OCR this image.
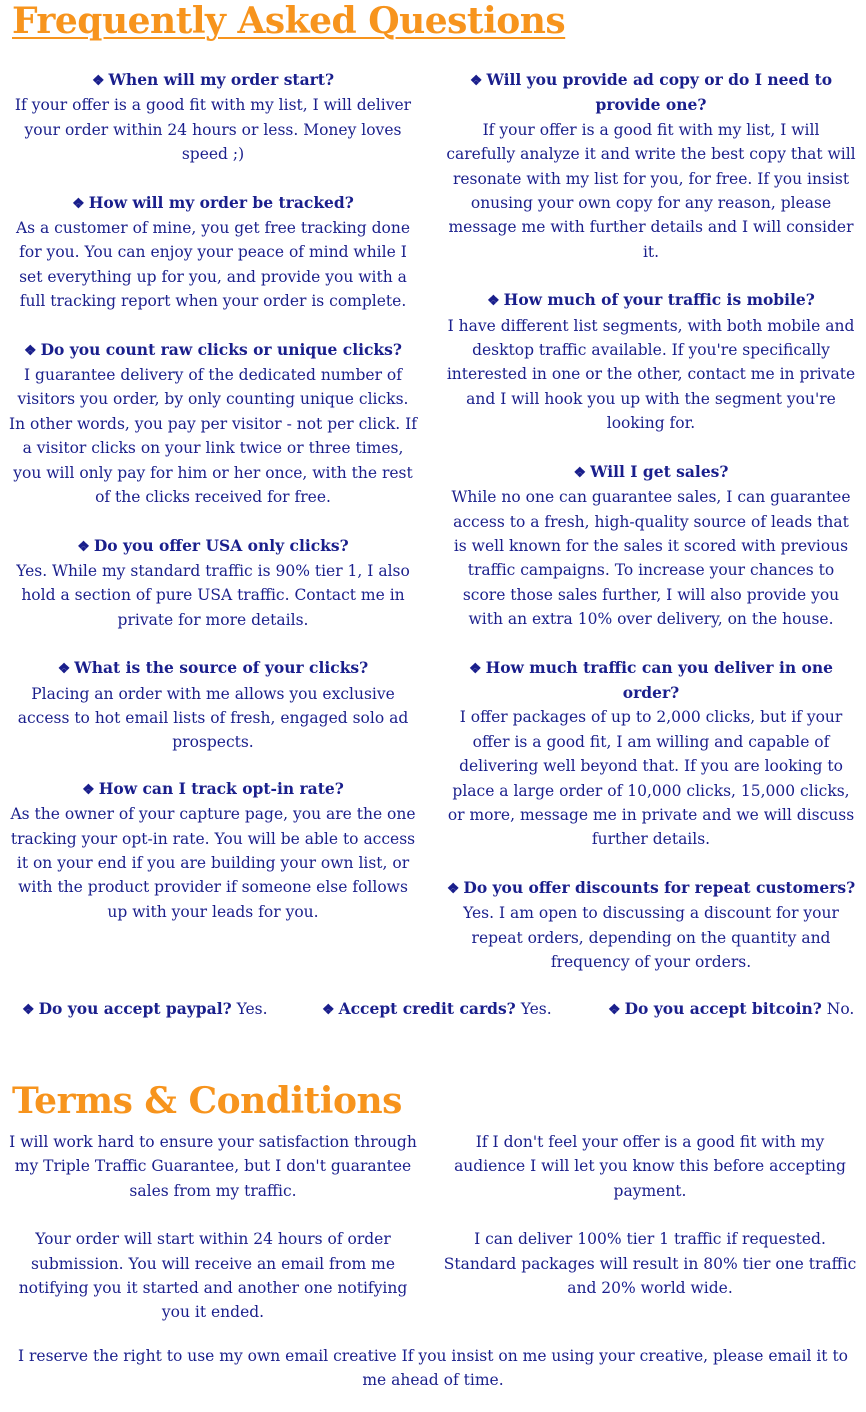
Frequently Asked Questions
❖ When will my order start?
If your offer is a good fit with my list, I will deliver your order within 24 hours or less. Money loves speed ;)
❖ How will my order be tracked?
As a customer of mine, you get free tracking done for you. You can enjoy your peace of mind while I set everything up for you, and provide you with a full tracking report when your order is complete.
❖ Do you count raw clicks or unique clicks?
I guarantee delivery of the dedicated number of visitors you order, by only counting unique clicks. In other words, you pay per visitor - not per click. If a visitor clicks on your link twice or three times, you will only pay for him or her once, with the rest of the clicks received for free.
❖ Do you offer USA only clicks?
Yes. While my standard traffic is 90% tier 1, I also hold a section of pure USA traffic. Contact me in private for more details.
❖ What is the source of your clicks?
Placing an order with me allows you exclusive access to hot email lists of fresh, engaged solo ad prospects.
❖ How can I track opt-in rate?
As the owner of your capture page, you are the one tracking your opt-in rate. You will be able to access it on your end if you are building your own list, or with the product provider if someone else follows up with your leads for you.
❖ Will you provide ad copy or do I need to provide one?
If your offer is a good fit with my list, I will carefully analyze it and write the best copy that will resonate with my list for you, for free. If you insist onusing your own copy for any reason, please message me with further details and I will consider it.
❖ How much of your traffic is mobile?
I have different list segments, with both mobile and desktop traffic available. If you're specifically interested in one or the other, contact me in private and I will hook you up with the segment you're looking for.
❖ Will I get sales?
While no one can guarantee sales, I can guarantee access to a fresh, high-quality source of leads that is well known for the sales it scored with previous traffic campaigns. To increase your chances to score those sales further, I will also provide you with an extra 10% over delivery, on the house.
❖ How much traffic can you deliver in one order?
I offer packages of up to 2,000 clicks, but if your offer is a good fit, I am willing and capable of delivering well beyond that. If you are looking to place a large order of 10,000 clicks, 15,000 clicks, or more, message me in private and we will discuss further details.
❖ Do you offer discounts for repeat customers?
Yes. I am open to discussing a discount for your repeat orders, depending on the quantity and frequency of your orders.
❖ Do you accept paypal? Yes.	❖ Accept credit cards? Yes.	❖ Do you accept bitcoin? No.
Terms & Conditions

I will work hard to ensure your satisfaction through my Triple Traffic Guarantee, but I don't guarantee sales from my traffic.

Your order will start within 24 hours of order submission. You will receive an email from me notifying you it started and another one notifying you it ended.

If I don't feel your offer is a good fit with my audience I will let you know this before accepting payment.

I can deliver 100% tier 1 traffic if requested. Standard packages will result in 80% tier one traffic and 20% world wide.

I reserve the right to use my own email creative If you insist on me using your creative, please email it to me ahead of time.
